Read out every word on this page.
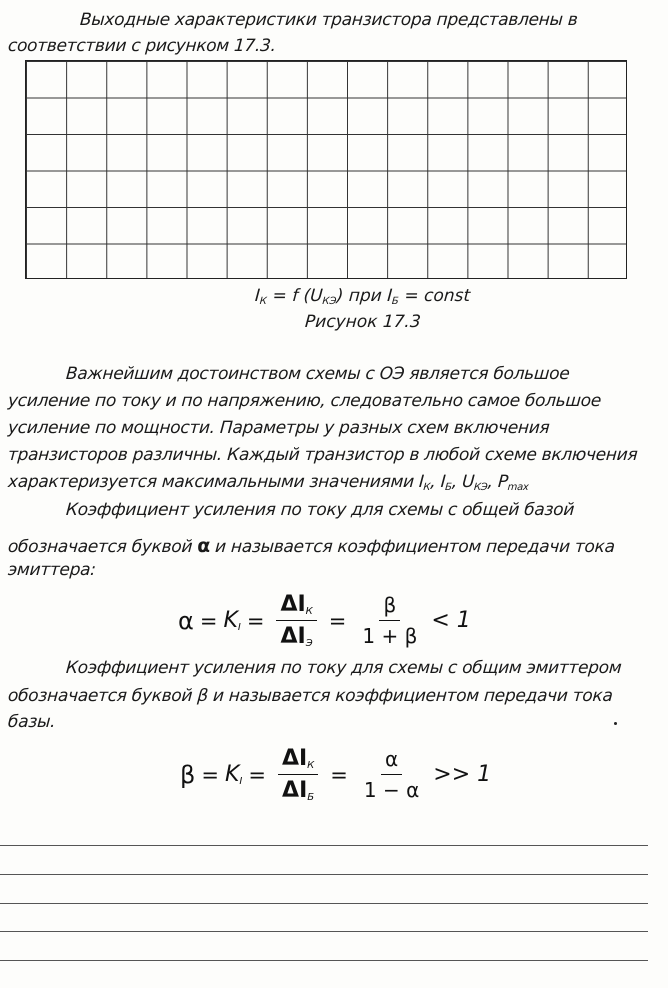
Выходные характеристики транзистора представлены в
соответствии с рисунком 17.3.
$I_К = f$ $(U_{КЭ})$ при $I_Б$ = const
Рисунок 17.3
Важнейшим достоинством схемы с ОЭ является большое
усиление по току и по напряжению, следовательно самое большое
усиление по мощности. Параметры у разных схем включения
транзисторов различны. Каждый транзистор в любой схеме включения
характеризуется максимальными значениями $I_К$, $I_Б$, $U_{КЭ}$, $P_{max}$
Коэффициент усиления по току для схемы с общей базой
обозначается буквой α и называется коэффициентом передачи тока
эмиттера:
$\alpha = K_I = \frac{\Delta I_К}{\Delta I_Э} = \frac{\beta}{1 + \beta} < 1$
Коэффициент усиления по току для схемы с общим эмиттером
обозначается буквой β и называется коэффициентом передачи тока
базы.
$\beta = K_I = \frac{\Delta I_К}{\Delta I_Б} = \frac{\alpha}{1 - \alpha} >> 1$
